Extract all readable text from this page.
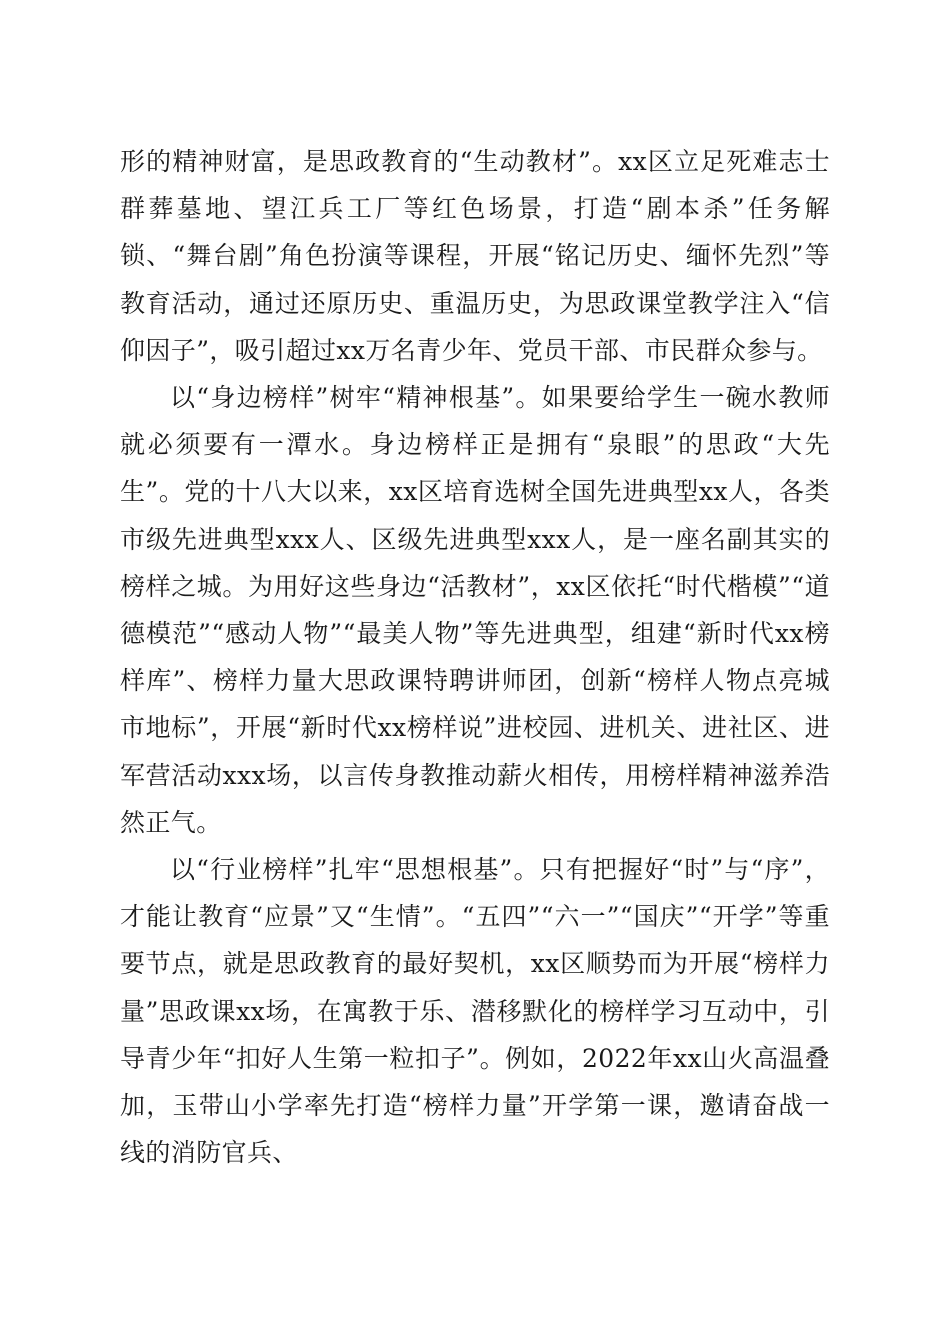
形的精神财富，是思政教育的“生动教材”。xx区立足死难志士群葬墓地、望江兵工厂等红色场景，打造“剧本杀”任务解锁、“舞台剧”角色扮演等课程，开展“铭记历史、缅怀先烈”等教育活动，通过还原历史、重温历史，为思政课堂教学注入“信仰因子”，吸引超过xx万名青少年、党员干部、市民群众参与。

以“身边榜样”树牢“精神根基”。如果要给学生一碗水教师就必须要有一潭水。身边榜样正是拥有“泉眼”的思政“大先生”。党的十八大以来，xx区培育选树全国先进典型xx人，各类市级先进典型xxx人、区级先进典型xxx人，是一座名副其实的榜样之城。为用好这些身边“活教材”，xx区依托“时代楷模”“道德模范”“感动人物”“最美人物”等先进典型，组建“新时代xx榜样库”、榜样力量大思政课特聘讲师团，创新“榜样人物点亮城市地标”，开展“新时代xx榜样说”进校园、进机关、进社区、进军营活动xxx场，以言传身教推动薪火相传，用榜样精神滋养浩然正气。

以“行业榜样”扎牢“思想根基”。只有把握好“时”与“序”，才能让教育“应景”又“生情”。“五四”“六一”“国庆”“开学”等重要节点，就是思政教育的最好契机，xx区顺势而为开展“榜样力量”思政课xx场，在寓教于乐、潜移默化的榜样学习互动中，引导青少年“扣好人生第一粒扣子”。例如，2022年xx山火高温叠加，玉带山小学率先打造“榜样力量”开学第一课，邀请奋战一线的消防官兵、
